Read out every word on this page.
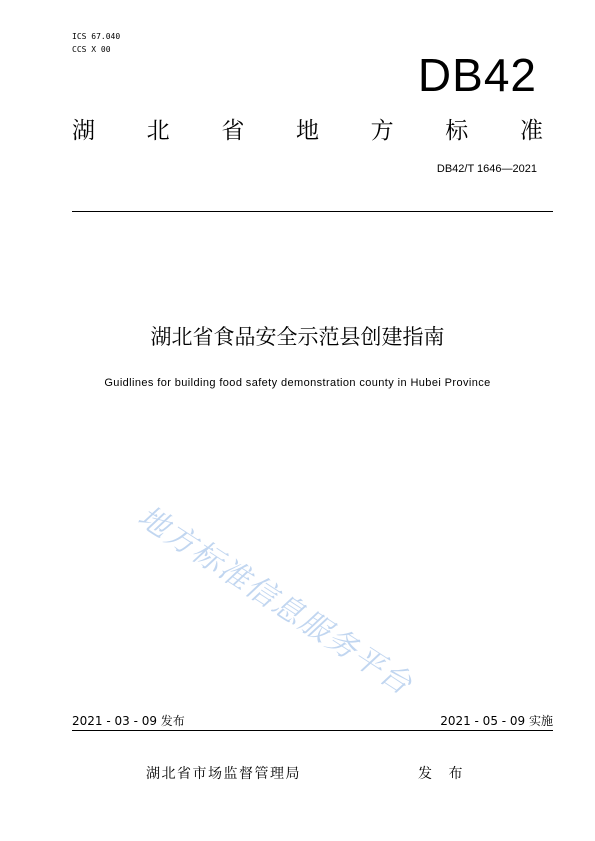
ICS 67.040
CCS X 00	DB42
湖 北 省 地 方 标 准
DB42/T 1646—2021
湖北省食品安全示范县创建指南
Guidlines for building food safety demonstration county in Hubei Province
地方标准信息服务平台
2021 - 03 - 09 发布	2021 - 05 - 09 实施
湖北省市场监督管理局	发 布
